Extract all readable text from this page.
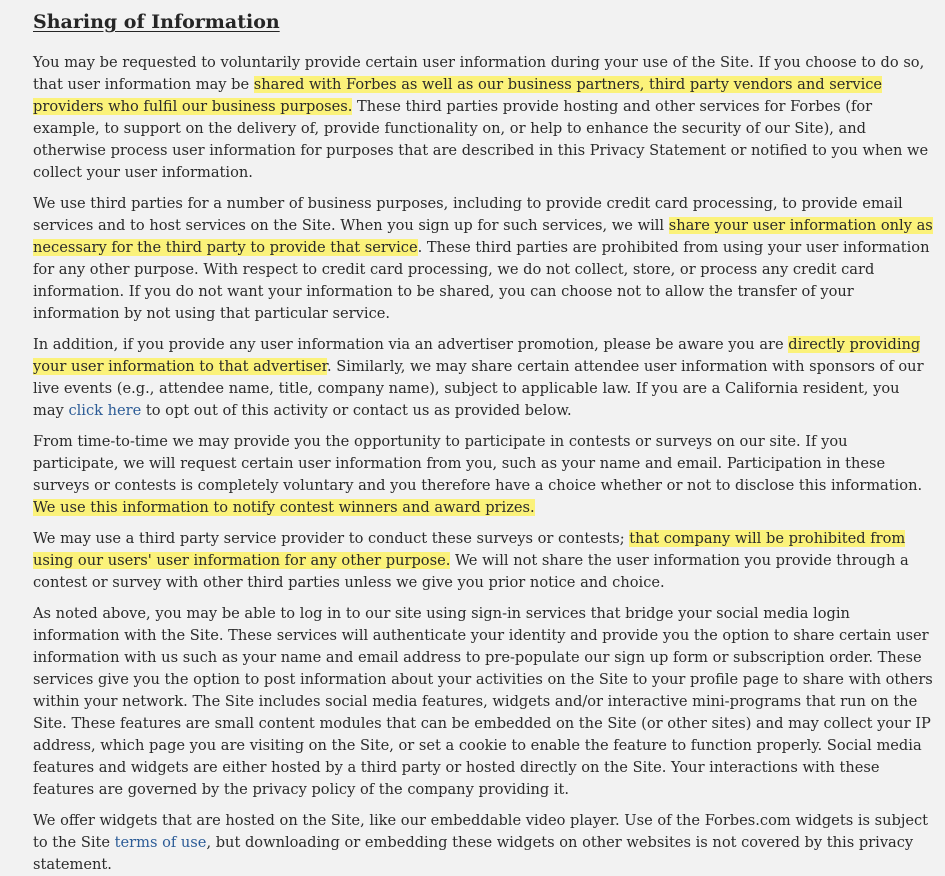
Sharing of Information

You may be requested to voluntarily provide certain user information during your use of the Site. If you choose to do so, that user information may be shared with Forbes as well as our business partners, third party vendors and service providers who fulfil our business purposes. These third parties provide hosting and other services for Forbes (for example, to support on the delivery of, provide functionality on, or help to enhance the security of our Site), and otherwise process user information for purposes that are described in this Privacy Statement or notified to you when we collect your user information.

We use third parties for a number of business purposes, including to provide credit card processing, to provide email services and to host services on the Site. When you sign up for such services, we will share your user information only as necessary for the third party to provide that service. These third parties are prohibited from using your user information for any other purpose. With respect to credit card processing, we do not collect, store, or process any credit card information. If you do not want your information to be shared, you can choose not to allow the transfer of your information by not using that particular service.

In addition, if you provide any user information via an advertiser promotion, please be aware you are directly providing your user information to that advertiser. Similarly, we may share certain attendee user information with sponsors of our live events (e.g., attendee name, title, company name), subject to applicable law. If you are a California resident, you may click here to opt out of this activity or contact us as provided below.

From time-to-time we may provide you the opportunity to participate in contests or surveys on our site. If you participate, we will request certain user information from you, such as your name and email. Participation in these surveys or contests is completely voluntary and you therefore have a choice whether or not to disclose this information. We use this information to notify contest winners and award prizes.

We may use a third party service provider to conduct these surveys or contests; that company will be prohibited from using our users' user information for any other purpose. We will not share the user information you provide through a contest or survey with other third parties unless we give you prior notice and choice.

As noted above, you may be able to log in to our site using sign-in services that bridge your social media login information with the Site. These services will authenticate your identity and provide you the option to share certain user information with us such as your name and email address to pre-populate our sign up form or subscription order. These services give you the option to post information about your activities on the Site to your profile page to share with others within your network. The Site includes social media features, widgets and/or interactive mini-programs that run on the Site. These features are small content modules that can be embedded on the Site (or other sites) and may collect your IP address, which page you are visiting on the Site, or set a cookie to enable the feature to function properly. Social media features and widgets are either hosted by a third party or hosted directly on the Site. Your interactions with these features are governed by the privacy policy of the company providing it.

We offer widgets that are hosted on the Site, like our embeddable video player. Use of the Forbes.com widgets is subject to the Site terms of use, but downloading or embedding these widgets on other websites is not covered by this privacy statement.
